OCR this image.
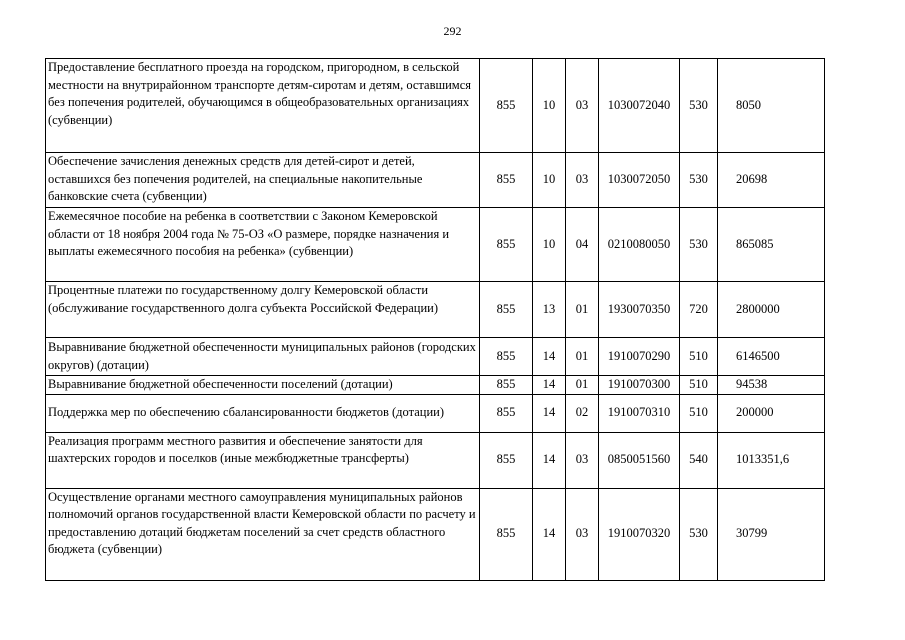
292
Предоставление бесплатного проезда на городском, пригородном, в сельской местности на внутрирайонном транспорте детям-сиротам и детям, оставшимся без попечения родителей, обучающимся в общеобразовательных организациях (субвенции)	855	10	03	1030072040	530	8050
Обеспечение зачисления денежных средств для детей-сирот и детей, оставшихся без попечения родителей, на специальные накопительные банковские счета (субвенции)	855	10	03	1030072050	530	20698
Ежемесячное пособие на ребенка в соответствии с Законом Кемеровской области от 18 ноября 2004 года № 75-ОЗ «О размере, порядке назначения и выплаты ежемесячного пособия на ребенка» (субвенции)	855	10	04	0210080050	530	865085
Процентные платежи по государственному долгу Кемеровской области (обслуживание государственного долга субъекта Российской Федерации)	855	13	01	1930070350	720	2800000
Выравнивание бюджетной обеспеченности муниципальных районов (городских округов) (дотации)	855	14	01	1910070290	510	6146500
Выравнивание бюджетной обеспеченности поселений (дотации)	855	14	01	1910070300	510	94538
Поддержка мер по обеспечению сбалансированности бюджетов (дотации)	855	14	02	1910070310	510	200000
Реализация программ местного развития и обеспечение занятости для шахтерских городов и поселков (иные межбюджетные трансферты)	855	14	03	0850051560	540	1013351,6
Осуществление органами местного самоуправления муниципальных районов полномочий органов государственной власти Кемеровской области по расчету и предоставлению дотаций бюджетам поселений за счет средств областного бюджета (субвенции)	855	14	03	1910070320	530	30799
